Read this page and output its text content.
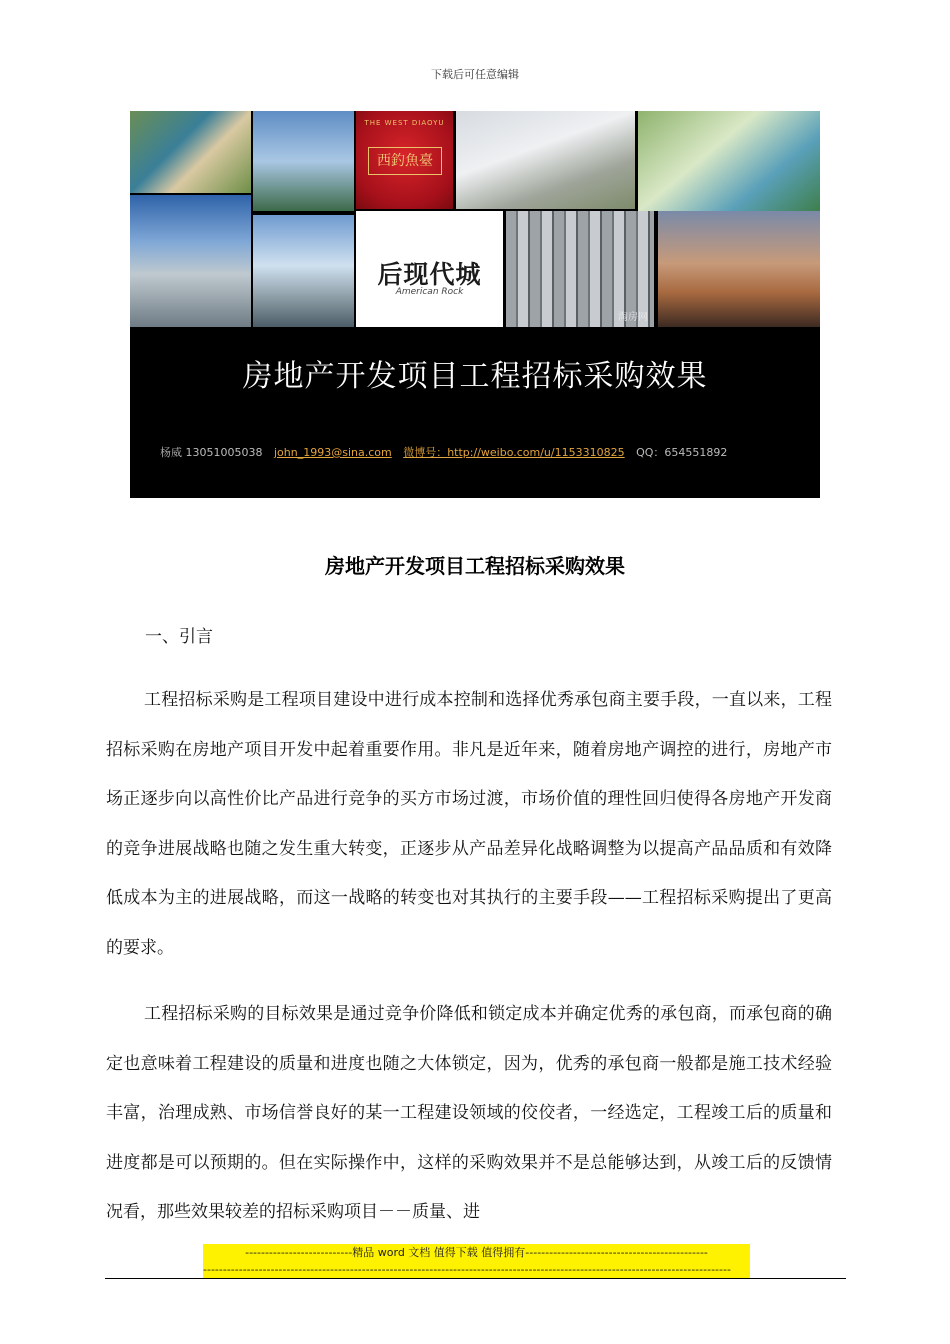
下载后可任意编辑
THE WEST DIAOYU
西釣魚臺
后现代城
American Rock
淘房网
房地产开发项目工程招标采购效果
杨威 13051005038 john_1993@sina.com 微博号：http://weibo.com/u/1153310825 QQ：654551892
房地产开发项目工程招标采购效果
一、引言

工程招标采购是工程项目建设中进行成本控制和选择优秀承包商主要手段，一直以来，工程招标采购在房地产项目开发中起着重要作用。非凡是近年来，随着房地产调控的进行，房地产市场正逐步向以高性价比产品进行竞争的买方市场过渡，市场价值的理性回归使得各房地产开发商的竞争进展战略也随之发生重大转变，正逐步从产品差异化战略调整为以提高产品品质和有效降低成本为主的进展战略，而这一战略的转变也对其执行的主要手段——工程招标采购提出了更高的要求。

工程招标采购的目标效果是通过竞争价降低和锁定成本并确定优秀的承包商，而承包商的确定也意味着工程建设的质量和进度也随之大体锁定，因为，优秀的承包商一般都是施工技术经验丰富，治理成熟、市场信誉良好的某一工程建设领域的佼佼者，一经选定，工程竣工后的质量和进度都是可以预期的。但在实际操作中，这样的采购效果并不是总能够达到，从竣工后的反馈情况看，那些效果较差的招标采购项目－－质量、进

---------------------------精品 word 文档 值得下载 值得拥有----------------------------------------------
-------------------------------------------------------------------------------------------------------------------------------------
